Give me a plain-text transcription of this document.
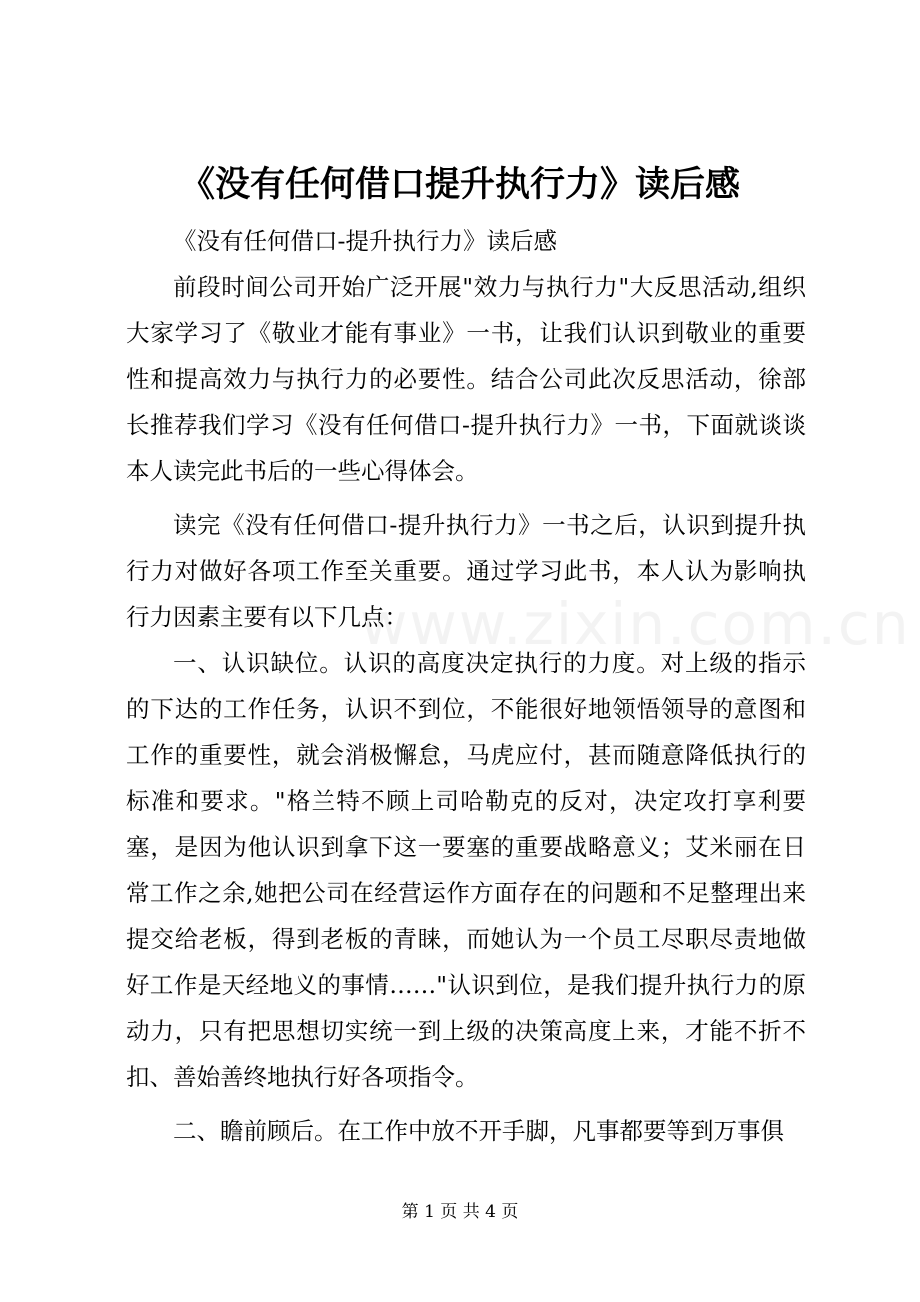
www.zixin.com.cn
《没有任何借口提升执行力》读后感

《没有任何借口-提升执行力》读后感

前段时间公司开始广泛开展"效力与执行力"大反思活动,组织大家学习了《敬业才能有事业》一书，让我们认识到敬业的重要性和提高效力与执行力的必要性。结合公司此次反思活动，徐部长推荐我们学习《没有任何借口-提升执行力》一书，下面就谈谈本人读完此书后的一些心得体会。

读完《没有任何借口-提升执行力》一书之后，认识到提升执行力对做好各项工作至关重要。通过学习此书，本人认为影响执行力因素主要有以下几点：

一、认识缺位。认识的高度决定执行的力度。对上级的指示的下达的工作任务，认识不到位，不能很好地领悟领导的意图和工作的重要性，就会消极懈怠，马虎应付，甚而随意降低执行的标准和要求。"格兰特不顾上司哈勒克的反对，决定攻打享利要塞，是因为他认识到拿下这一要塞的重要战略意义；艾米丽在日常工作之余,她把公司在经营运作方面存在的问题和不足整理出来提交给老板，得到老板的青睐，而她认为一个员工尽职尽责地做好工作是天经地义的事情……"认识到位，是我们提升执行力的原动力，只有把思想切实统一到上级的决策高度上来，才能不折不扣、善始善终地执行好各项指令。

二、瞻前顾后。在工作中放不开手脚，凡事都要等到万事俱

第 1 页 共 4 页
